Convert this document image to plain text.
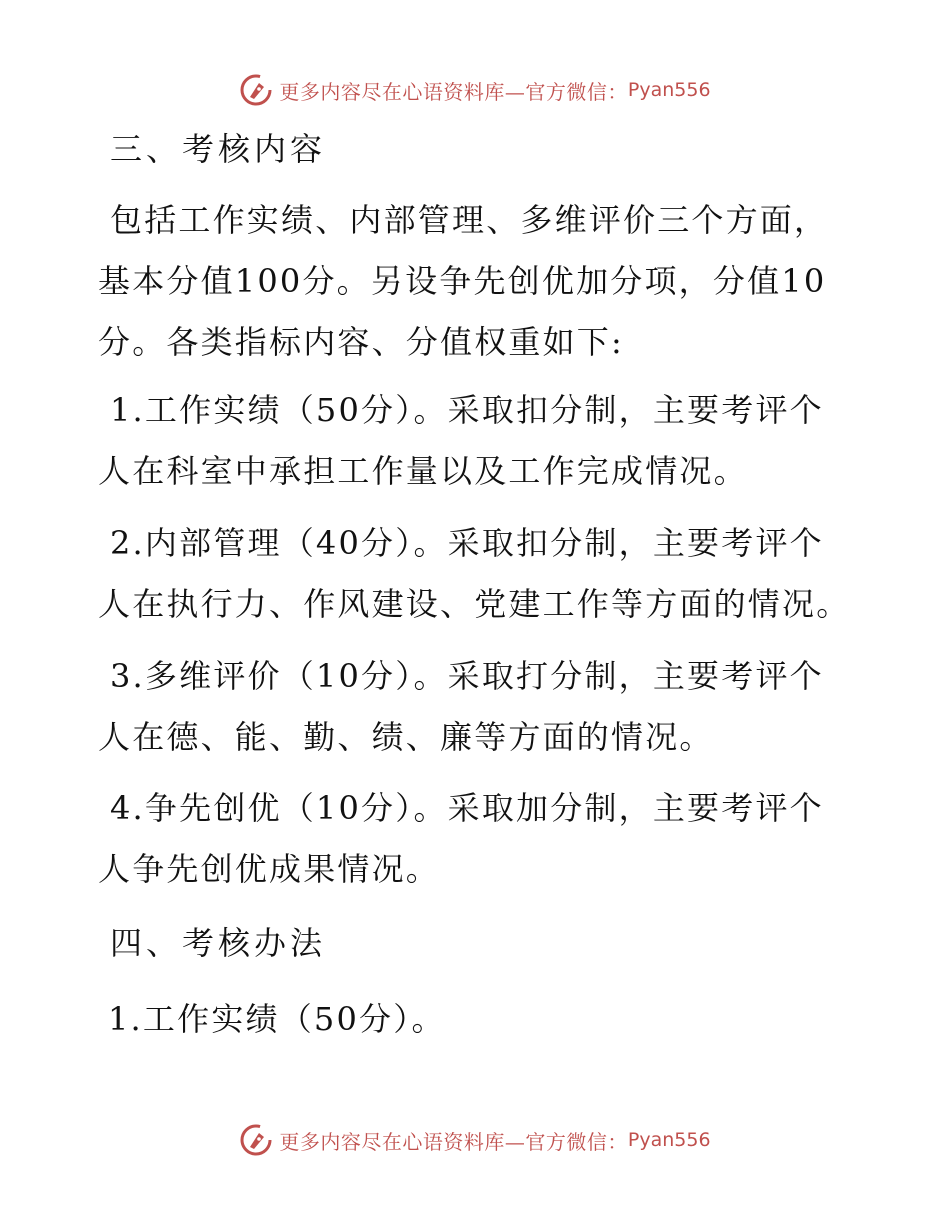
更多内容尽在心语资料库—官方微信： Pyan556
三、考核内容
包括工作实绩、内部管理、多维评价三个方面，
基本分值100分。另设争先创优加分项，分值10
分。各类指标内容、分值权重如下:
1.工作实绩（50分）。采取扣分制，主要考评个
人在科室中承担工作量以及工作完成情况。
2.内部管理（40分）。采取扣分制，主要考评个
人在执行力、作风建设、党建工作等方面的情况。
3.多维评价（10分）。采取打分制，主要考评个
人在德、能、勤、绩、廉等方面的情况。
4.争先创优（10分）。采取加分制，主要考评个
人争先创优成果情况。
四、考核办法
1.工作实绩（50分）。
更多内容尽在心语资料库—官方微信： Pyan556
